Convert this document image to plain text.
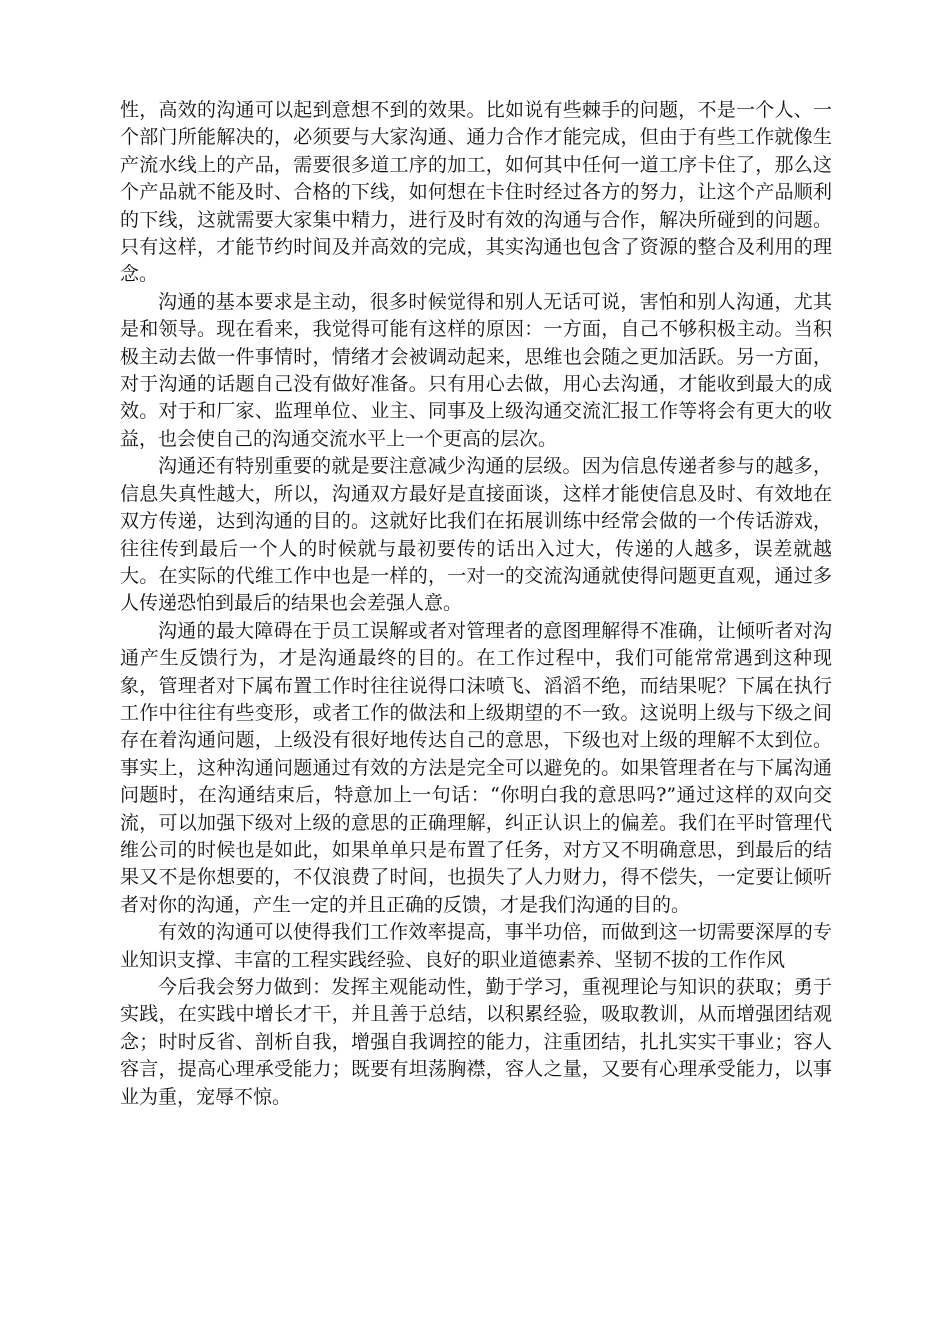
性，高效的沟通可以起到意想不到的效果。比如说有些棘手的问题，不是一个人、一个部门所能解决的，必须要与大家沟通、通力合作才能完成，但由于有些工作就像生产流水线上的产品，需要很多道工序的加工，如何其中任何一道工序卡住了，那么这个产品就不能及时、合格的下线，如何想在卡住时经过各方的努力，让这个产品顺利的下线，这就需要大家集中精力，进行及时有效的沟通与合作，解决所碰到的问题。只有这样，才能节约时间及并高效的完成，其实沟通也包含了资源的整合及利用的理念。

沟通的基本要求是主动，很多时候觉得和别人无话可说，害怕和别人沟通，尤其是和领导。现在看来，我觉得可能有这样的原因：一方面，自己不够积极主动。当积极主动去做一件事情时，情绪才会被调动起来，思维也会随之更加活跃。另一方面，对于沟通的话题自己没有做好准备。只有用心去做，用心去沟通，才能收到最大的成效。对于和厂家、监理单位、业主、同事及上级沟通交流汇报工作等将会有更大的收益，也会使自己的沟通交流水平上一个更高的层次。

沟通还有特别重要的就是要注意减少沟通的层级。因为信息传递者参与的越多，信息失真性越大，所以，沟通双方最好是直接面谈，这样才能使信息及时、有效地在双方传递，达到沟通的目的。这就好比我们在拓展训练中经常会做的一个传话游戏，往往传到最后一个人的时候就与最初要传的话出入过大，传递的人越多，误差就越大。在实际的代维工作中也是一样的，一对一的交流沟通就使得问题更直观，通过多人传递恐怕到最后的结果也会差强人意。

沟通的最大障碍在于员工误解或者对管理者的意图理解得不准确，让倾听者对沟通产生反馈行为，才是沟通最终的目的。在工作过程中，我们可能常常遇到这种现象，管理者对下属布置工作时往往说得口沫喷飞、滔滔不绝，而结果呢？下属在执行工作中往往有些变形，或者工作的做法和上级期望的不一致。这说明上级与下级之间存在着沟通问题，上级没有很好地传达自己的意思，下级也对上级的理解不太到位。事实上，这种沟通问题通过有效的方法是完全可以避免的。如果管理者在与下属沟通问题时，在沟通结束后，特意加上一句话：“你明白我的意思吗?”通过这样的双向交流，可以加强下级对上级的意思的正确理解，纠正认识上的偏差。我们在平时管理代维公司的时候也是如此，如果单单只是布置了任务，对方又不明确意思，到最后的结果又不是你想要的，不仅浪费了时间，也损失了人力财力，得不偿失，一定要让倾听者对你的沟通，产生一定的并且正确的反馈，才是我们沟通的目的。

有效的沟通可以使得我们工作效率提高，事半功倍，而做到这一切需要深厚的专业知识支撑、丰富的工程实践经验、良好的职业道德素养、坚韧不拔的工作作风

今后我会努力做到：发挥主观能动性，勤于学习，重视理论与知识的获取；勇于实践，在实践中增长才干，并且善于总结，以积累经验，吸取教训，从而增强团结观念；时时反省、剖析自我，增强自我调控的能力，注重团结，扎扎实实干事业；容人容言，提高心理承受能力；既要有坦荡胸襟，容人之量，又要有心理承受能力，以事业为重，宠辱不惊。
